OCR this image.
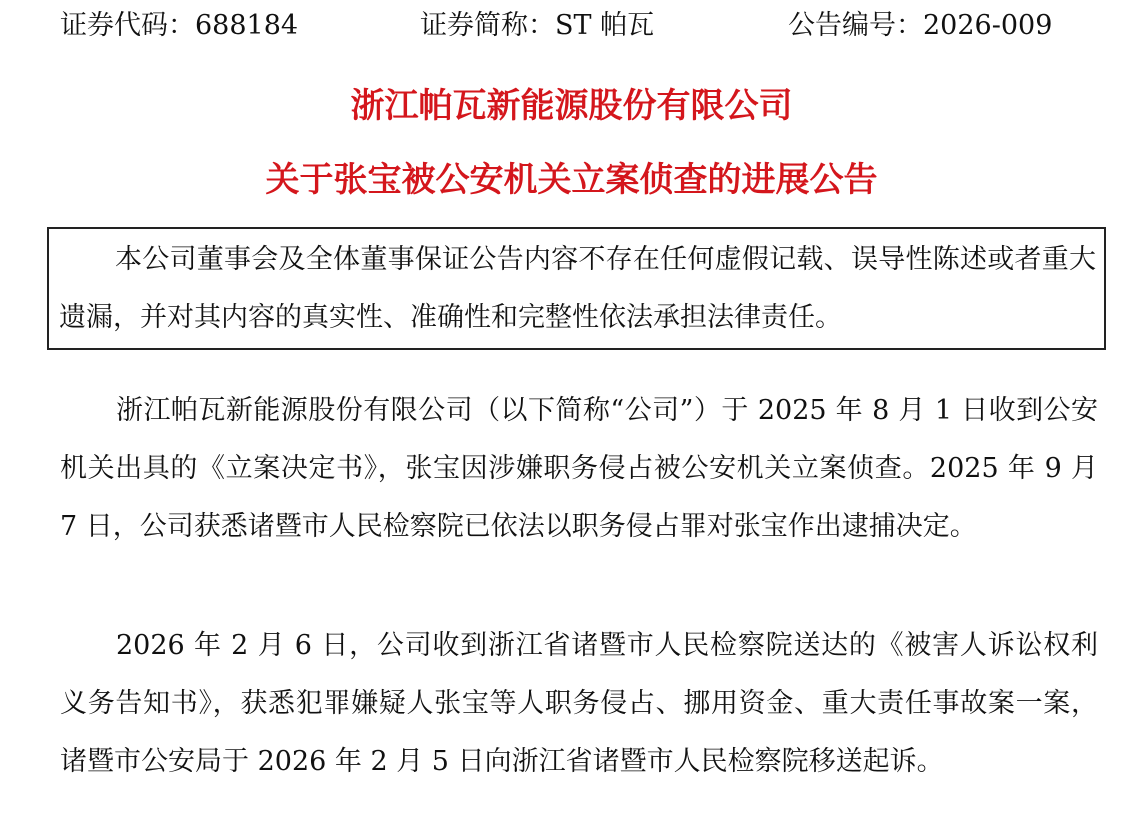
证券代码：688184	证券简称：ST 帕瓦	公告编号：2026-009
浙江帕瓦新能源股份有限公司
关于张宝被公安机关立案侦查的进展公告

本公司董事会及全体董事保证公告内容不存在任何虚假记载、误导性陈述或者重大遗漏，并对其内容的真实性、准确性和完整性依法承担法律责任。

浙江帕瓦新能源股份有限公司（以下简称“公司”）于 2025 年 8 月 1 日收到公安机关出具的《立案决定书》，张宝因涉嫌职务侵占被公安机关立案侦查。2025 年 9 月 7 日，公司获悉诸暨市人民检察院已依法以职务侵占罪对张宝作出逮捕决定。

2026 年 2 月 6 日，公司收到浙江省诸暨市人民检察院送达的《被害人诉讼权利义务告知书》，获悉犯罪嫌疑人张宝等人职务侵占、挪用资金、重大责任事故案一案，诸暨市公安局于 2026 年 2 月 5 日向浙江省诸暨市人民检察院移送起诉。
